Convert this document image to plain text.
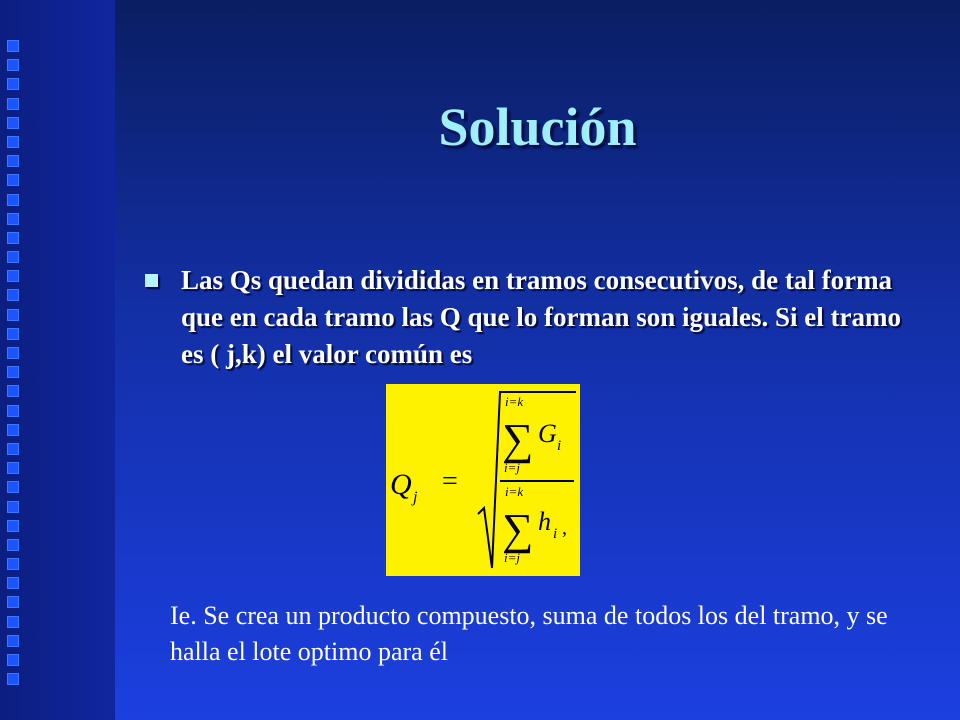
Solución
Las Qs quedan divididas en tramos consecutivos, de tal forma que en cada tramo las Q que lo forman son iguales. Si el tramo es ( j,k) el valor común es
Q j
=
i=k
∑
i=j
G i
i=k
∑
i=j
h i ,
Ie. Se crea un producto compuesto, suma de todos los del tramo, y se halla el lote optimo para él
